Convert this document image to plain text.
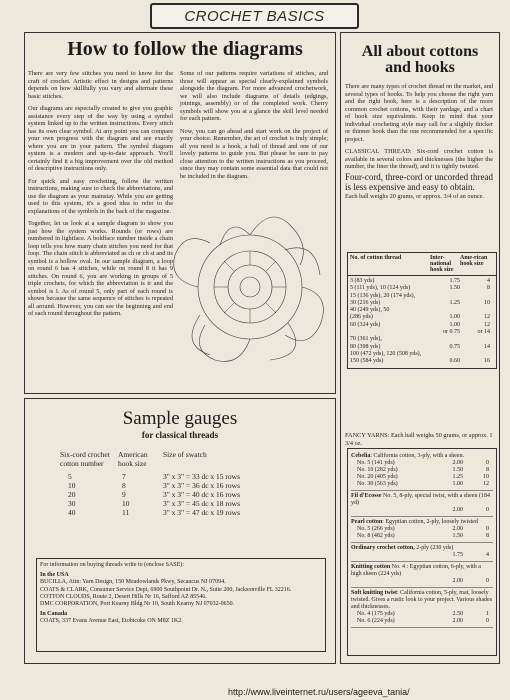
CROCHET BASICS
How to follow the diagrams

There are very few stitches you need to know for the craft of crochet. Artistic effect in designs and patterns depends on how skillfully you vary and alternate these basic stitches.

Our diagrams are especially created to give you graphic assistance every step of the way by using a symbol system linked up to the written instructions. Every stitch has its own clear symbol. At any point you can compare your own progress with the diagram and see exactly where you are in your pattern. The symbol diagram system is a modern and up-to-date approach. You'll certainly find it a big improvement over the old method of descriptive instructions only.

For quick and easy crocheting, follow the written instructions, making sure to check the abbreviations, and use the diagram as your mainstay. While you are getting used to this system, it's a good idea to refer to the explanations of the symbols in the back of the magazine.

Together, let us look at a sample diagram to show you just how the system works. Rounds (or rows) are numbered in lightface. A boldface number inside a chain loop tells you how many chain stitches you need for that loop. The chain stitch is abbreviated as ch or ch st and its symbol is a hollow oval. In our sample diagram, a loop on round 6 has 4 stitches, while on round 8 it has 9 stitches. On round 6, you are working in groups of 5 triple crochets, for which the abbreviation is tr and the symbol is I. As of round 5, only part of each round is shown because the same sequence of stitches is repeated all around. However, you can see the beginning and end of each round throughout the pattern.

Some of our patterns require variations of stitches, and those will appear as special clearly-explained symbols alongside the diagram. For more advanced crochetwork, we will also include diagrams of details (edgings, joinings, assembly) or of the completed work. Cherry symbols will show you at a glance the skill level needed for each pattern.

Now, you can go ahead and start work on the project of your choice. Remember, the art of crochet is truly simple; all you need is a hook, a ball of thread and one of our lovely patterns to guide you. But please be sure to pay close attention to the written instructions as you proceed, since they may contain some essential data that could not be included in the diagram.

All about cottons and hooks

There are many types of crochet thread on the market, and several types of hooks. To help you choose the right yarn and the right hook, here is a description of the more common crochet cottons, with their yardage, and a chart of hook size equivalents. Keep in mind that your individual crocheting style may call for a slightly thicker or thinner hook than the one recommended for a specific project.

CLASSICAL THREAD: Six-cord crochet cotton is available in several colors and thicknesses (the higher the number, the finer the thread), and it is tightly twisted.

Four-cord, three-cord or uncorded thread is less expensive and easy to obtain.

Each ball weighs 20 grams, or approx. 3/4 of an ounce.

No. of cotton thread	Inter-national hook size
Ame-rican hook size
3 (83 yds)	1.75	4
5 (111 yds), 10 (124 yds)	1.50	8
15 (136 yds), 20 (174 yds),
30 (216 yds)	1.25	10
40 (249 yds), 50
(286 yds)	1.00	12
60 (324 yds)	1.00	12
or 0.75	or 14
70 (361 yds),
80 (398 yds)	0.75	14
100 (472 yds), 120 (508 yds),
150 (584 yds)	0.60	16
FANCY YARNS: Each ball weighs 50 grams, or approx. 1 3/4 oz.
Cebelia: California cotton, 3-ply, with a sheen.
No. 5 (141 yds)	2.00	0
No. 10 (282 yds)	1.50	8
No. 20 (405 yds)	1.25	10
No. 30 (563 yds)	1.00	12
Fil d'Ecosse No. 5, 8-ply, special twist, with a sheen (184 yd)
2.00	0
Pearl cotton: Egyptian cotton, 2-ply, loosely twisted
No. 5 (266 yds)	2.00	0
No. 8 (482 yds)	1.50	8
Ordinary crochet cotton, 2-ply (230 yds)
1.75	4
Knitting cotton No. 4 : Egyptian cotton, 6-ply, with a high sheen (224 yds)
2.00	0
Soft knitting twist: California cotton, 5-ply, mat, loosely twisted. Gives a rustic look to your project. Various shades and thicknesses.
No. 4 (175 yds)	2.50	1
No. 6 (224 yds)	2.00	0
Sample gauges
for classical threads
Six-cord crochet cotton number
American hook size
Size of swatch
5	7	3" x 3" = 33 dc x 15 rows
10	8	3" x 3" = 36 dc x 16 rows
20	9	3" x 3" = 40 dc x 16 rows
30	10	3" x 3" = 45 dc x 18 rows
40	11	3" x 3" = 47 dc x 19 rows
For information on buying threads write to (enclose SASE):
In the USA
BUCILLA, Attn: Yarn Design, 150 Meadowlands Pkwy, Secaucus NJ 07094.
COATS & CLARK, Consumer Service Dept, 6900 Southpoint Dr. N., Suite 200, Jacksonville FL 32216.
COTTON CLOUDS, Route 2, Desert Hills Nr 16, Safford AZ 85546.
DMC CORPORATION, Port Kearny Bldg Nr 10, South Kearny NJ 07032-0650.
In Canada
COATS, 337 Evans Avenue East, Etobicoke ON M8Z 1K2.
http://www.liveinternet.ru/users/ageeva_tania/
